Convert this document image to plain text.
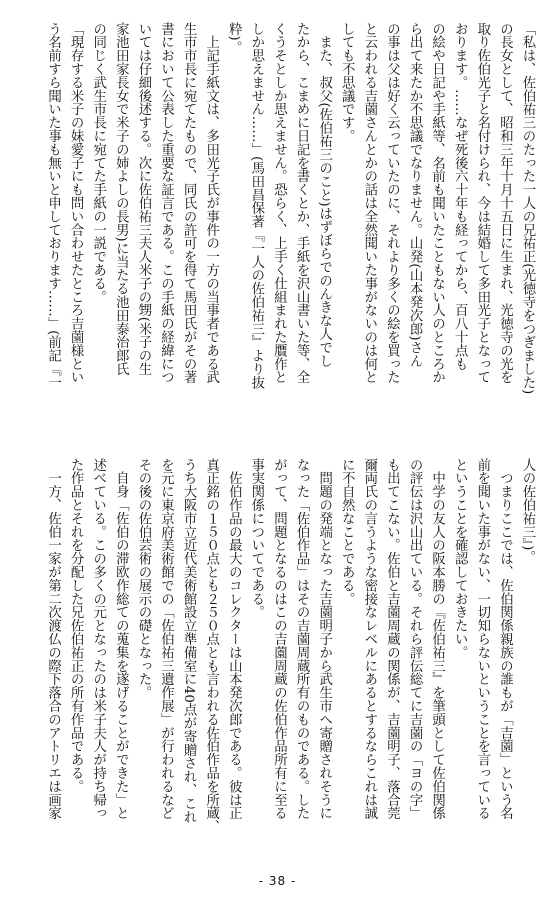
「私は、佐伯祐三のたった一人の兄祐正(光徳寺をつぎました)
の長女として、昭和三年十月十五日に生まれ、光徳寺の光を
取り佐伯光子と名付けられ、今は結婚して多田光子となって
おります。……なぜ死後六十年も経ってから、百八十点も
の絵や日記や手紙等、名前も聞いたこともない人のところか
ら出て来たか不思議でなりません。山発(山本発次郎)さん
の事は父は好く云っていたのに、それより多くの絵を買った
と云われる吉薗さんとかの話は全然聞いた事がないのは何と
しても不思議です。
　また、叔父(佐伯祐三のこと)はずぼらでのんきな人でし
たから、こまめに日記を書くとか、手紙を沢山書いた等、全
くうそとしか思えません。恐らく、上手く仕組まれた贋作と
しか思えません……」(馬田昌保著『一人の佐伯祐三』より抜
粋)。
　上記手紙文は、多田光子氏が事件の一方の当事者である武
生市市長に宛てたもので、同氏の許可を得て馬田氏がその著
書において公表した重要な証言である。この手紙の経緯につ
いては仔細後述する。次に佐伯祐三夫人米子の甥(米子の生
家池田家長女で米子の姉よしの長男)に当たる池田泰治郎氏
の同じく武生市長に宛てた手紙の一説である。
「現存する米子の妹愛子にも問い合わせたところ吉薗様とい
う名前すら聞いた事も無いと申しております……」(前記『一
人の佐伯祐三』)。
　つまりここでは、佐伯関係親族の誰もが「吉薗」という名
前を聞いた事がない、一切知らないということを言っている
ということを確認しておきたい。
　中学の友人の阪本勝の『佐伯祐三』を筆頭として佐伯関係
の評伝は沢山出ている。それら評伝総てに吉薗の「ヨの字」
も出てこない。佐伯と吉薗周蔵の関係が、吉薗明子、落合莞
爾両氏の言うような密接なレベルにあるとするならこれは誠
に不自然なことである。
　問題の発端となった吉薗明子から武生市へ寄贈されそうに
なった「佐伯作品」はその吉薗周蔵所有のものである。した
がって、問題となるのはこの吉薗周蔵の佐伯作品所有に至る
事実関係についてである。
　佐伯作品の最大のコレクターは山本発次郎である。彼は正
真正銘の１５０点とも２５０点とも言われる佐伯作品を所蔵、
うち大阪市立近代美術館設立準備室に40点が寄贈され、これ
を元に東京府美術館での「佐伯祐三遺作展」が行われるなど
その後の佐伯芸術の展示の礎となった。
　自身「佐伯の滞欧作総ての蒐集を遂げることができた」と
述べている。この多くの元となったのは米子夫人が持ち帰っ
た作品とそれを分配した兄佐伯祐正の所有作品である。
　一方、佐伯一家が第二次渡仏の際下落合のアトリエは画家
- 38 -
